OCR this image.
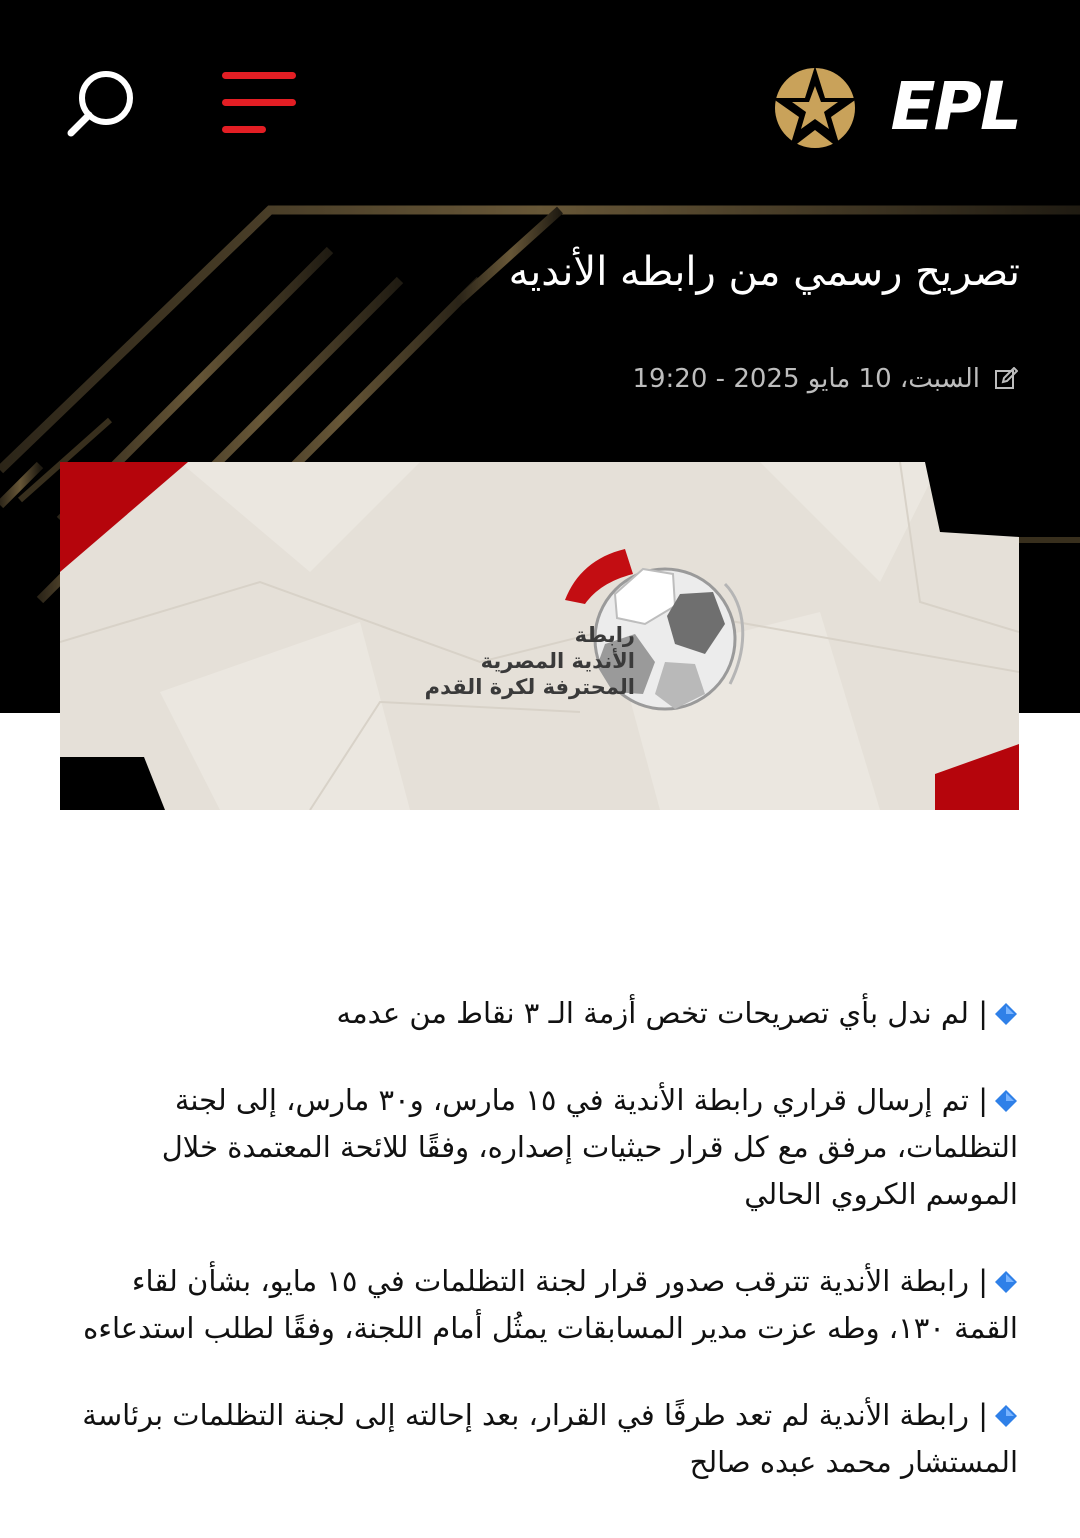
EPL
تصريح رسمي من رابطه الأنديه
السبت، 10 مايو 2025 - 19:20
رابطة
الأندية المصرية
المحترفة لكرة القدم

| لم ندل بأي تصريحات تخص أزمة الـ ٣ نقاط من عدمه

| تم إرسال قراري رابطة الأندية في ١٥ مارس، و٣٠ مارس، إلى لجنة التظلمات، مرفق مع كل قرار حيثيات إصداره، وفقًا للائحة المعتمدة خلال الموسم الكروي الحالي

| رابطة الأندية تترقب صدور قرار لجنة التظلمات في ١٥ مايو، بشأن لقاء القمة ١٣٠، وطه عزت مدير المسابقات يمثُل أمام اللجنة، وفقًا لطلب استدعاءه

| رابطة الأندية لم تعد طرفًا في القرار، بعد إحالته إلى لجنة التظلمات برئاسة المستشار محمد عبده صالح
